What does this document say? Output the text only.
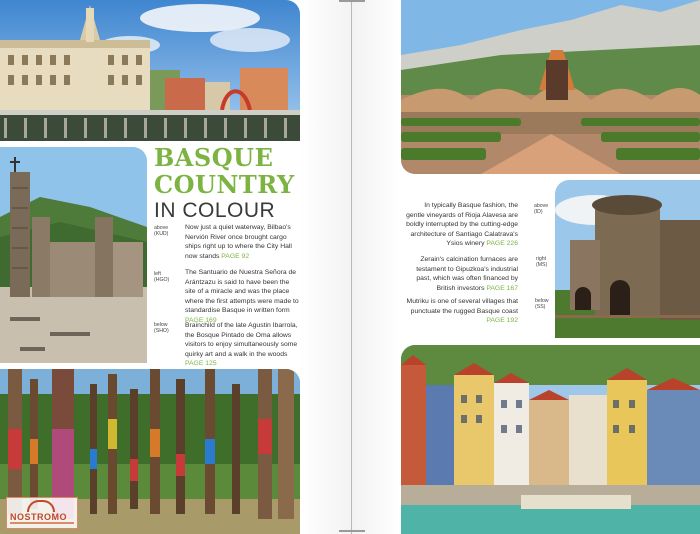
BASQUE
COUNTRY
IN COLOUR
above
(KUD)
Now just a quiet waterway, Bilbao's Nervión River once brought cargo ships right up to where the City Hall now stands PAGE 92
left
(HGO)
The Santuario de Nuestra Señora de Arántzazu is said to have been the site of a miracle and was the place where the first attempts were made to standardise Basque in written form PAGE 169
below
(SHO)
Brainchild of the late Agustin Ibarrola, the Bosque Pintado de Oma allows visitors to enjoy simultaneously some quirky art and a walk in the woods PAGE 125
In typically Basque fashion, the gentle vineyards of Rioja Alavesa are boldly interrupted by the cutting-edge architecture of Santiago Calatrava's Ysios winery PAGE 226
above
(ID)
Zerain's calcination furnaces are testament to Gipuzkoa's industrial past, which was often financed by British investors PAGE 167
right
(MS)
Mutriku is one of several villages that punctuate the rugged Basque coast PAGE 192
below
(SS)
NOSTROMO
